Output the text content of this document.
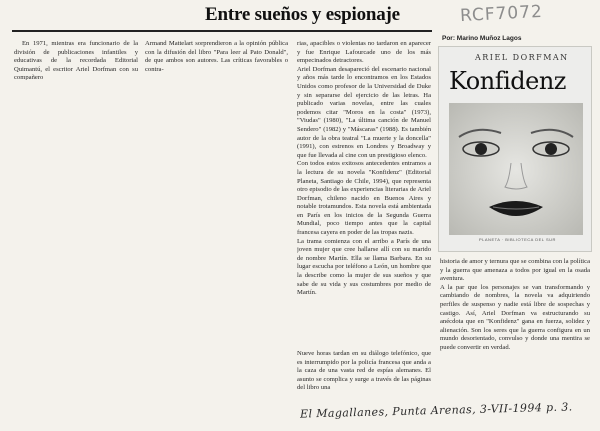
Entre sueños y espionaje	RCF7072
Por: Marino Muñoz Lagos
En 1971, mientras era funcionario de la división de publicaciones infantiles y educativas de la recordada Editorial Quimantú, el escritor Ariel Dorfman con su compañero
Armand Mattelart sorprendieron a la opinión pública con la difusión del libro "Para leer al Pato Donald", de que ambos son autores. Las críticas favorables o contra-
rias, apacibles o violentas no tardaron en aparecer y fue Enrique Lafourcade uno de los más empecinados detractores.
Ariel Dorfman desapareció del escenario nacional y años más tarde lo encontramos en los Estados Unidos como profesor de la Universidad de Duke y sin separarse del ejercicio de las letras. Ha publicado varias novelas, entre las cuales podemos citar "Moros en la costa" (1973), "Viudas" (1980), "La última canción de Manuel Sendero" (1982) y "Máscaras" (1988). Es también autor de la obra teatral "La muerte y la doncella" (1991), con estrenos en Londres y Broadway y que fue llevada al cine con un prestigioso elenco.
Con todos estos exitosos antecedentes entramos a la lectura de su novela "Konfidenz" (Editorial Planeta, Santiago de Chile, 1994), que representa otro episodio de las experiencias literarias de Ariel Dorfman, chileno nacido en Buenos Aires y notable trotamundos. Esta novela está ambientada en París en los inicios de la Segunda Guerra Mundial, poco tiempo antes que la capital francesa cayera en poder de las tropas nazis.
La trama comienza con el arribo a París de una joven mujer que cree hallarse allí con su marido de nombre Martín. Ella se llama Barbara. En su lugar escucha por teléfono a León, un hombre que la describe como la mujer de sus sueños y que sabe de su vida y sus costumbres por medio de Martín.
Nueve horas tardan en su diálogo telefónico, que es interrumpido por la policía francesa que anda a la caza de una vasta red de espías alemanes. El asunto se complica y surge a través de las páginas del libro una
historia de amor y ternura que se combina con la política y la guerra que amenaza a todos por igual en la osada aventura.
A la par que los personajes se van transformando y cambiando de nombres, la novela va adquiriendo perfiles de suspenso y nadie está libre de sospechas y castigo. Así, Ariel Dorfman va estructurando su anécdota que en "Konfidenz" gana en fuerza, solidez y alienación. Son los seres que la guerra configura en un mundo desorientado, convulso y donde una mentira se puede convertir en verdad.
ARIEL DORFMAN
Konfidenz
PLANETA · BIBLIOTECA DEL SUR
El Magallanes, Punta Arenas, 3-VII-1994 p. 3.
